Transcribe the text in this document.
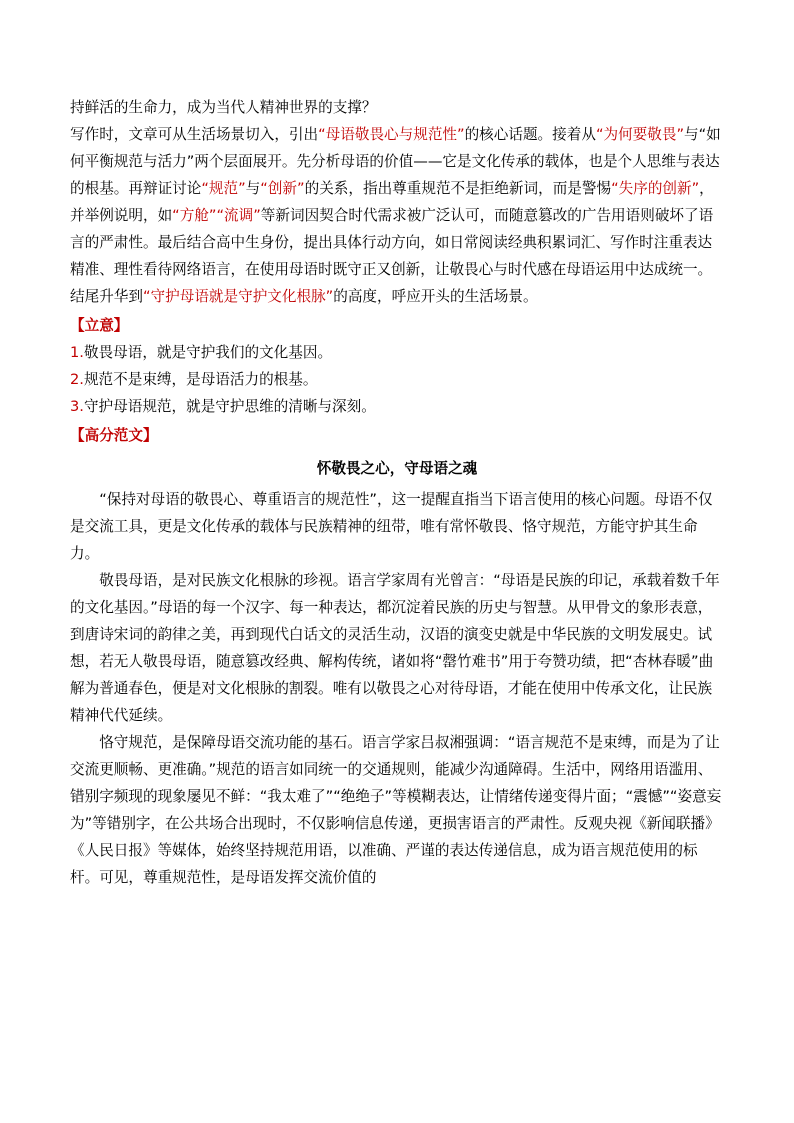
持鲜活的生命力，成为当代人精神世界的支撑？

写作时，文章可从生活场景切入，引出“母语敬畏心与规范性”的核心话题。接着从“为何要敬畏”与“如何平衡规范与活力”两个层面展开。先分析母语的价值——它是文化传承的载体，也是个人思维与表达的根基。再辩证讨论“规范”与“创新”的关系，指出尊重规范不是拒绝新词，而是警惕“失序的创新”，并举例说明，如“方舱”“流调”等新词因契合时代需求被广泛认可，而随意篡改的广告用语则破坏了语言的严肃性。最后结合高中生身份，提出具体行动方向，如日常阅读经典积累词汇、写作时注重表达精准、理性看待网络语言，在使用母语时既守正又创新，让敬畏心与时代感在母语运用中达成统一。结尾升华到“守护母语就是守护文化根脉”的高度，呼应开头的生活场景。

【立意】

1.敬畏母语，就是守护我们的文化基因。

2.规范不是束缚，是母语活力的根基。

3.守护母语规范，就是守护思维的清晰与深刻。

【高分范文】

怀敬畏之心，守母语之魂

“保持对母语的敬畏心、尊重语言的规范性”，这一提醒直指当下语言使用的核心问题。母语不仅是交流工具，更是文化传承的载体与民族精神的纽带，唯有常怀敬畏、恪守规范，方能守护其生命力。

敬畏母语，是对民族文化根脉的珍视。语言学家周有光曾言：“母语是民族的印记，承载着数千年的文化基因。”母语的每一个汉字、每一种表达，都沉淀着民族的历史与智慧。从甲骨文的象形表意，到唐诗宋词的韵律之美，再到现代白话文的灵活生动，汉语的演变史就是中华民族的文明发展史。试想，若无人敬畏母语，随意篡改经典、解构传统，诸如将“罄竹难书”用于夸赞功绩，把“杏林春暖”曲解为普通春色，便是对文化根脉的割裂。唯有以敬畏之心对待母语，才能在使用中传承文化，让民族精神代代延续。

恪守规范，是保障母语交流功能的基石。语言学家吕叔湘强调：“语言规范不是束缚，而是为了让交流更顺畅、更准确。”规范的语言如同统一的交通规则，能减少沟通障碍。生活中，网络用语滥用、错别字频现的现象屡见不鲜：“我太难了”“绝绝子”等模糊表达，让情绪传递变得片面；“震憾”“姿意妄为”等错别字，在公共场合出现时，不仅影响信息传递，更损害语言的严肃性。反观央视《新闻联播》《人民日报》等媒体，始终坚持规范用语，以准确、严谨的表达传递信息，成为语言规范使用的标杆。可见，尊重规范性，是母语发挥交流价值的
